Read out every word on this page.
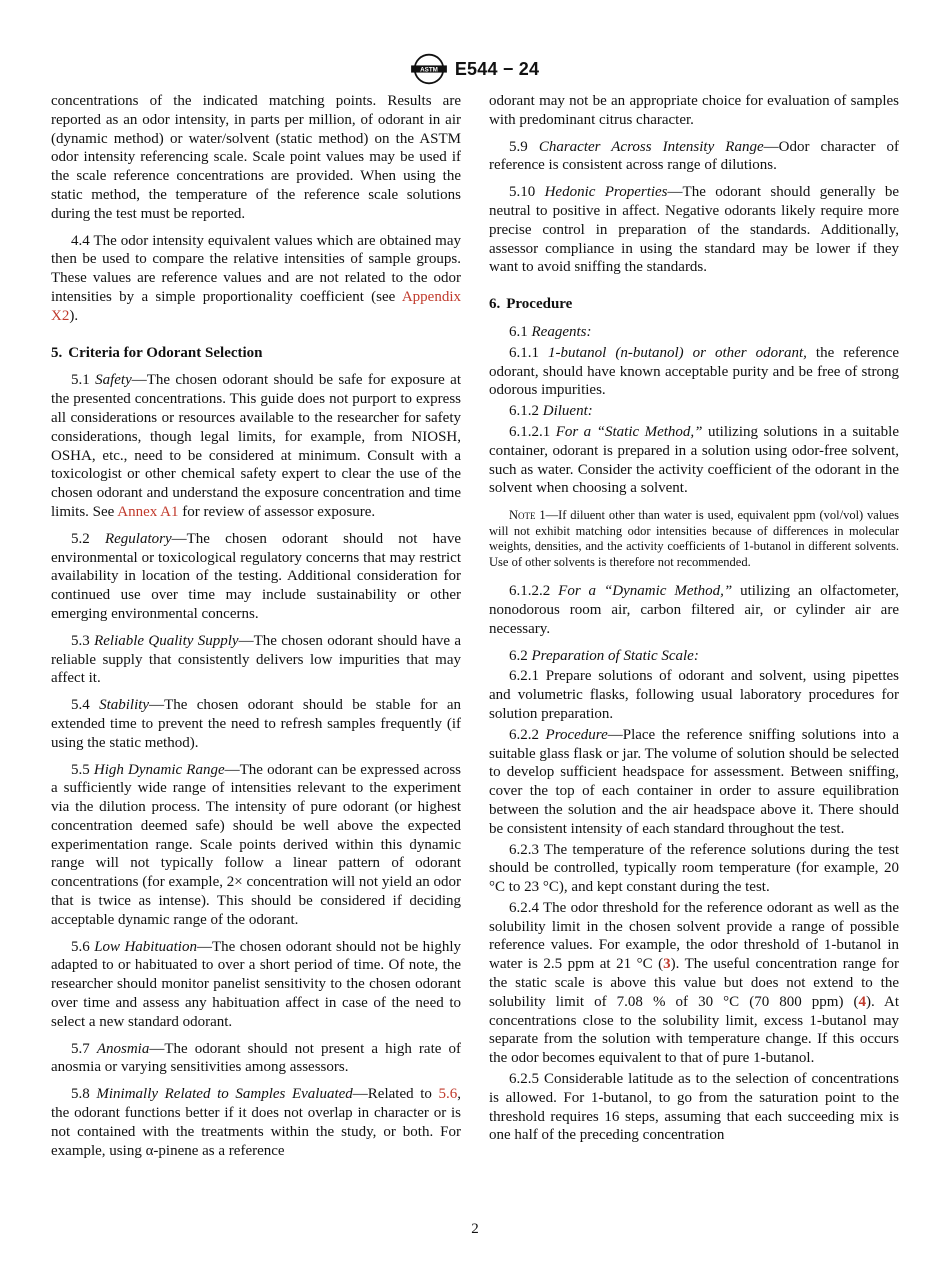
ASTM E544 − 24

concentrations of the indicated matching points. Results are reported as an odor intensity, in parts per million, of odorant in air (dynamic method) or water/solvent (static method) on the ASTM odor intensity referencing scale. Scale point values may be used if the scale reference concentrations are provided. When using the static method, the temperature of the reference scale solutions during the test must be reported.

4.4 The odor intensity equivalent values which are obtained may then be used to compare the relative intensities of sample groups. These values are reference values and are not related to the odor intensities by a simple proportionality coefficient (see Appendix X2).

5. Criteria for Odorant Selection

5.1 Safety—The chosen odorant should be safe for exposure at the presented concentrations. This guide does not purport to express all considerations or resources available to the researcher for safety considerations, though legal limits, for example, from NIOSH, OSHA, etc., need to be considered at minimum. Consult with a toxicologist or other chemical safety expert to clear the use of the chosen odorant and understand the exposure concentration and time limits. See Annex A1 for review of assessor exposure.

5.2 Regulatory—The chosen odorant should not have environmental or toxicological regulatory concerns that may restrict availability in location of the testing. Additional consideration for continued use over time may include sustainability or other emerging environmental concerns.

5.3 Reliable Quality Supply—The chosen odorant should have a reliable supply that consistently delivers low impurities that may affect it.

5.4 Stability—The chosen odorant should be stable for an extended time to prevent the need to refresh samples frequently (if using the static method).

5.5 High Dynamic Range—The odorant can be expressed across a sufficiently wide range of intensities relevant to the experiment via the dilution process. The intensity of pure odorant (or highest concentration deemed safe) should be well above the expected experimentation range. Scale points derived within this dynamic range will not typically follow a linear pattern of odorant concentrations (for example, 2× concentration will not yield an odor that is twice as intense). This should be considered if deciding acceptable dynamic range of the odorant.

5.6 Low Habituation—The chosen odorant should not be highly adapted to or habituated to over a short period of time. Of note, the researcher should monitor panelist sensitivity to the chosen odorant over time and assess any habituation affect in case of the need to select a new standard odorant.

5.7 Anosmia—The odorant should not present a high rate of anosmia or varying sensitivities among assessors.

5.8 Minimally Related to Samples Evaluated—Related to 5.6, the odorant functions better if it does not overlap in character or is not contained with the treatments within the study, or both. For example, using α-pinene as a reference

odorant may not be an appropriate choice for evaluation of samples with predominant citrus character.

5.9 Character Across Intensity Range—Odor character of reference is consistent across range of dilutions.

5.10 Hedonic Properties—The odorant should generally be neutral to positive in affect. Negative odorants likely require more precise control in preparation of the standards. Additionally, assessor compliance in using the standard may be lower if they want to avoid sniffing the standards.

6. Procedure

6.1 Reagents:

6.1.1 1-butanol (n-butanol) or other odorant, the reference odorant, should have known acceptable purity and be free of strong odorous impurities.

6.1.2 Diluent:

6.1.2.1 For a “Static Method,” utilizing solutions in a suitable container, odorant is prepared in a solution using odor-free solvent, such as water. Consider the activity coefficient of the odorant in the solvent when choosing a solvent.

Note 1—If diluent other than water is used, equivalent ppm (vol/vol) values will not exhibit matching odor intensities because of differences in molecular weights, densities, and the activity coefficients of 1-butanol in different solvents. Use of other solvents is therefore not recommended.

6.1.2.2 For a “Dynamic Method,” utilizing an olfactometer, nonodorous room air, carbon filtered air, or cylinder air are necessary.

6.2 Preparation of Static Scale:

6.2.1 Prepare solutions of odorant and solvent, using pipettes and volumetric flasks, following usual laboratory procedures for solution preparation.

6.2.2 Procedure—Place the reference sniffing solutions into a suitable glass flask or jar. The volume of solution should be selected to develop sufficient headspace for assessment. Between sniffing, cover the top of each container in order to assure equilibration between the solution and the air headspace above it. There should be consistent intensity of each standard throughout the test.

6.2.3 The temperature of the reference solutions during the test should be controlled, typically room temperature (for example, 20 °C to 23 °C), and kept constant during the test.

6.2.4 The odor threshold for the reference odorant as well as the solubility limit in the chosen solvent provide a range of possible reference values. For example, the odor threshold of 1-butanol in water is 2.5 ppm at 21 °C (3). The useful concentration range for the static scale is above this value but does not extend to the solubility limit of 7.08 % of 30 °C (70 800 ppm) (4). At concentrations close to the solubility limit, excess 1-butanol may separate from the solution with temperature change. If this occurs the odor becomes equivalent to that of pure 1-butanol.

6.2.5 Considerable latitude as to the selection of concentrations is allowed. For 1-butanol, to go from the saturation point to the threshold requires 16 steps, assuming that each succeeding mix is one half of the preceding concentration

2
